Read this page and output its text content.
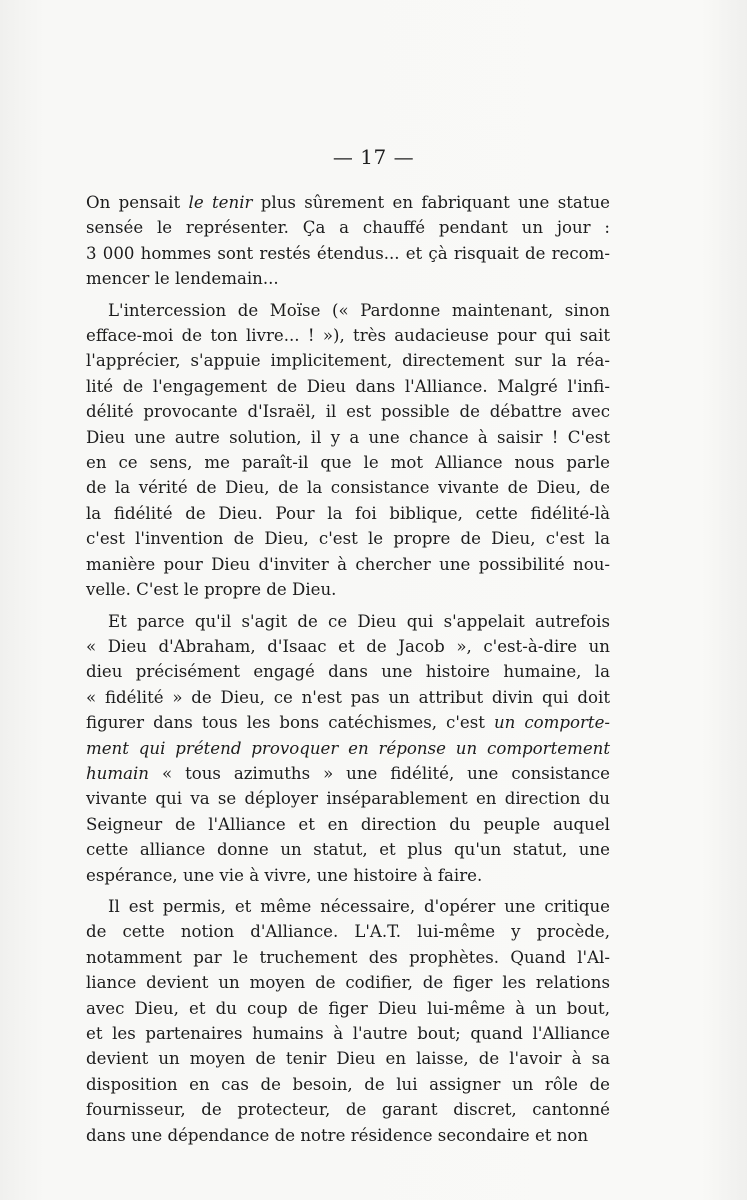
— 17 —
On pensait le tenir plus sûrement en fabriquant une statue
sensée le représenter. Ça a chauffé pendant un jour :
3 000 hommes sont restés étendus... et çà risquait de recom-
mencer le lendemain...
L'intercession de Moïse (« Pardonne maintenant, sinon
efface-moi de ton livre... ! »), très audacieuse pour qui sait
l'apprécier, s'appuie implicitement, directement sur la réa-
lité de l'engagement de Dieu dans l'Alliance. Malgré l'infi-
délité provocante d'Israël, il est possible de débattre avec
Dieu une autre solution, il y a une chance à saisir ! C'est
en ce sens, me paraît-il que le mot Alliance nous parle
de la vérité de Dieu, de la consistance vivante de Dieu, de
la fidélité de Dieu. Pour la foi biblique, cette fidélité-là
c'est l'invention de Dieu, c'est le propre de Dieu, c'est la
manière pour Dieu d'inviter à chercher une possibilité nou-
velle. C'est le propre de Dieu.
Et parce qu'il s'agit de ce Dieu qui s'appelait autrefois
« Dieu d'Abraham, d'Isaac et de Jacob », c'est-à-dire un
dieu précisément engagé dans une histoire humaine, la
« fidélité » de Dieu, ce n'est pas un attribut divin qui doit
figurer dans tous les bons catéchismes, c'est un comporte-
ment qui prétend provoquer en réponse un comportement
humain « tous azimuths » une fidélité, une consistance
vivante qui va se déployer inséparablement en direction du
Seigneur de l'Alliance et en direction du peuple auquel
cette alliance donne un statut, et plus qu'un statut, une
espérance, une vie à vivre, une histoire à faire.
Il est permis, et même nécessaire, d'opérer une critique
de cette notion d'Alliance. L'A.T. lui-même y procède,
notamment par le truchement des prophètes. Quand l'Al-
liance devient un moyen de codifier, de figer les relations
avec Dieu, et du coup de figer Dieu lui-même à un bout,
et les partenaires humains à l'autre bout; quand l'Alliance
devient un moyen de tenir Dieu en laisse, de l'avoir à sa
disposition en cas de besoin, de lui assigner un rôle de
fournisseur, de protecteur, de garant discret, cantonné
dans une dépendance de notre résidence secondaire et non
